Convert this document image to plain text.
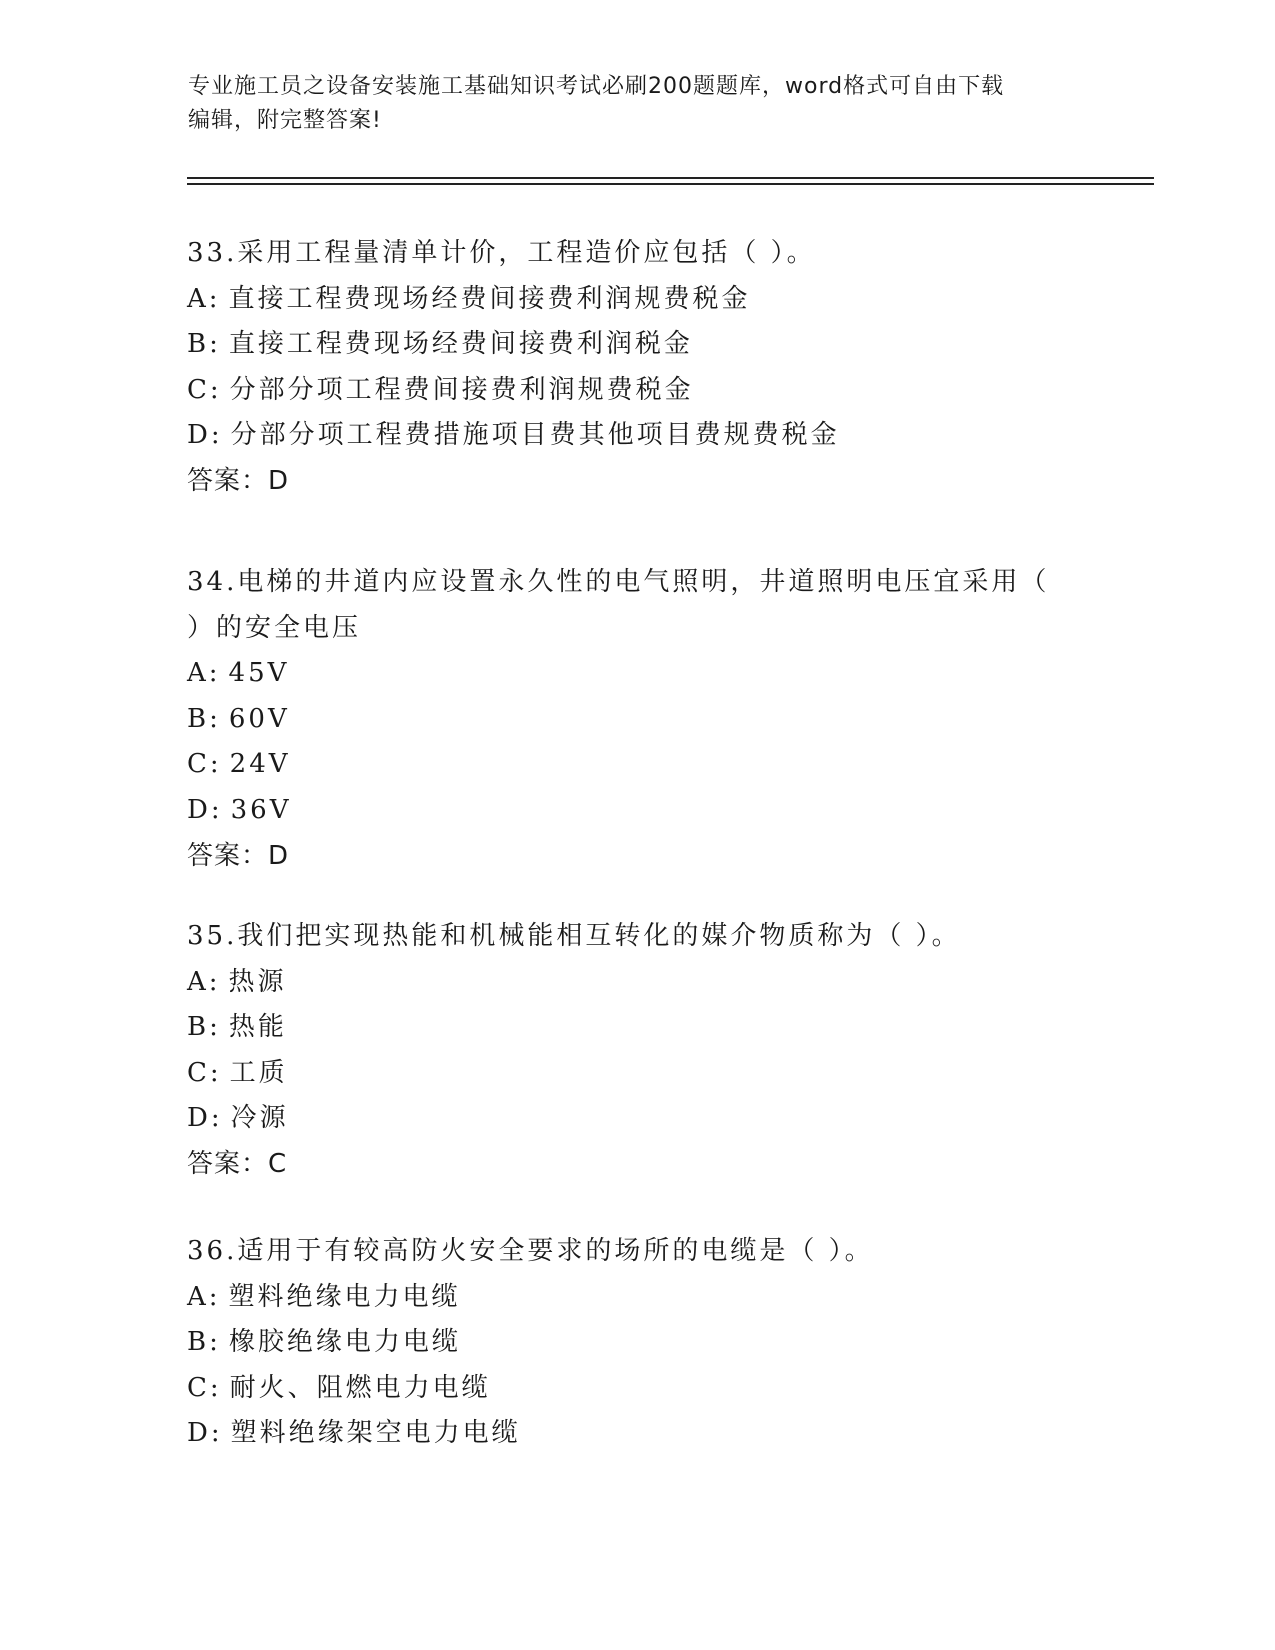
专业施工员之设备安装施工基础知识考试必刷200题题库，word格式可自由下载
编辑，附完整答案!
33.采用工程量清单计价，工程造价应包括（ ）。
A: 直接工程费现场经费间接费利润规费税金
B: 直接工程费现场经费间接费利润税金
C: 分部分项工程费间接费利润规费税金
D: 分部分项工程费措施项目费其他项目费规费税金
答案：D
34.电梯的井道内应设置永久性的电气照明，井道照明电压宜采用（
）的安全电压
A: 45V
B: 60V
C: 24V
D: 36V
答案：D
35.我们把实现热能和机械能相互转化的媒介物质称为（ ）。
A: 热源
B: 热能
C: 工质
D: 冷源
答案：C
36.适用于有较高防火安全要求的场所的电缆是（ ）。
A: 塑料绝缘电力电缆
B: 橡胶绝缘电力电缆
C: 耐火、阻燃电力电缆
D: 塑料绝缘架空电力电缆
